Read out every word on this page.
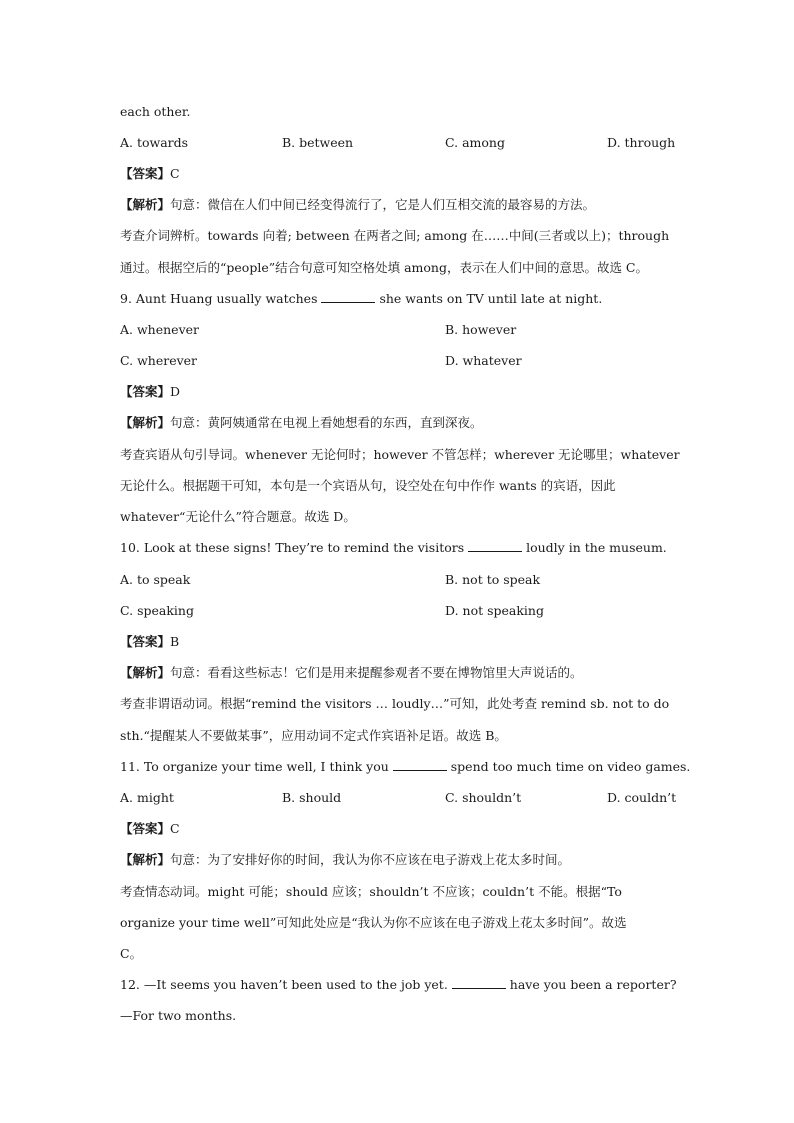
each other.
A. towards	B. between	C. among	D. through
【答案】C
【解析】句意：微信在人们中间已经变得流行了，它是人们互相交流的最容易的方法。
考查介词辨析。towards 向着; between 在两者之间; among 在……中间(三者或以上)；through
通过。根据空后的“people”结合句意可知空格处填 among，表示在人们中间的意思。故选 C。
9. Aunt Huang usually watches	she wants on TV until late at night.
A. whenever	B. however
C. wherever	D. whatever
【答案】D
【解析】句意：黄阿姨通常在电视上看她想看的东西，直到深夜。
考查宾语从句引导词。whenever 无论何时；however 不管怎样；wherever 无论哪里；whatever
无论什么。根据题干可知，本句是一个宾语从句，设空处在句中作作 wants 的宾语，因此
whatever“无论什么”符合题意。故选 D。
10. Look at these signs! They’re to remind the visitors	loudly in the museum.
A. to speak	B. not to speak
C. speaking	D. not speaking
【答案】B
【解析】句意：看看这些标志！它们是用来提醒参观者不要在博物馆里大声说话的。
考查非谓语动词。根据“remind the visitors … loudly…”可知，此处考查 remind sb. not to do
sth.“提醒某人不要做某事”，应用动词不定式作宾语补足语。故选 B。
11. To organize your time well, I think you	spend too much time on video games.
A. might	B. should	C. shouldn’t	D. couldn’t
【答案】C
【解析】句意：为了安排好你的时间，我认为你不应该在电子游戏上花太多时间。
考查情态动词。might 可能；should 应该；shouldn’t 不应该；couldn’t 不能。根据“To
organize your time well”可知此处应是“我认为你不应该在电子游戏上花太多时间”。故选
C。
12. —It seems you haven’t been used to the job yet.	have you been a reporter?
—For two months.
